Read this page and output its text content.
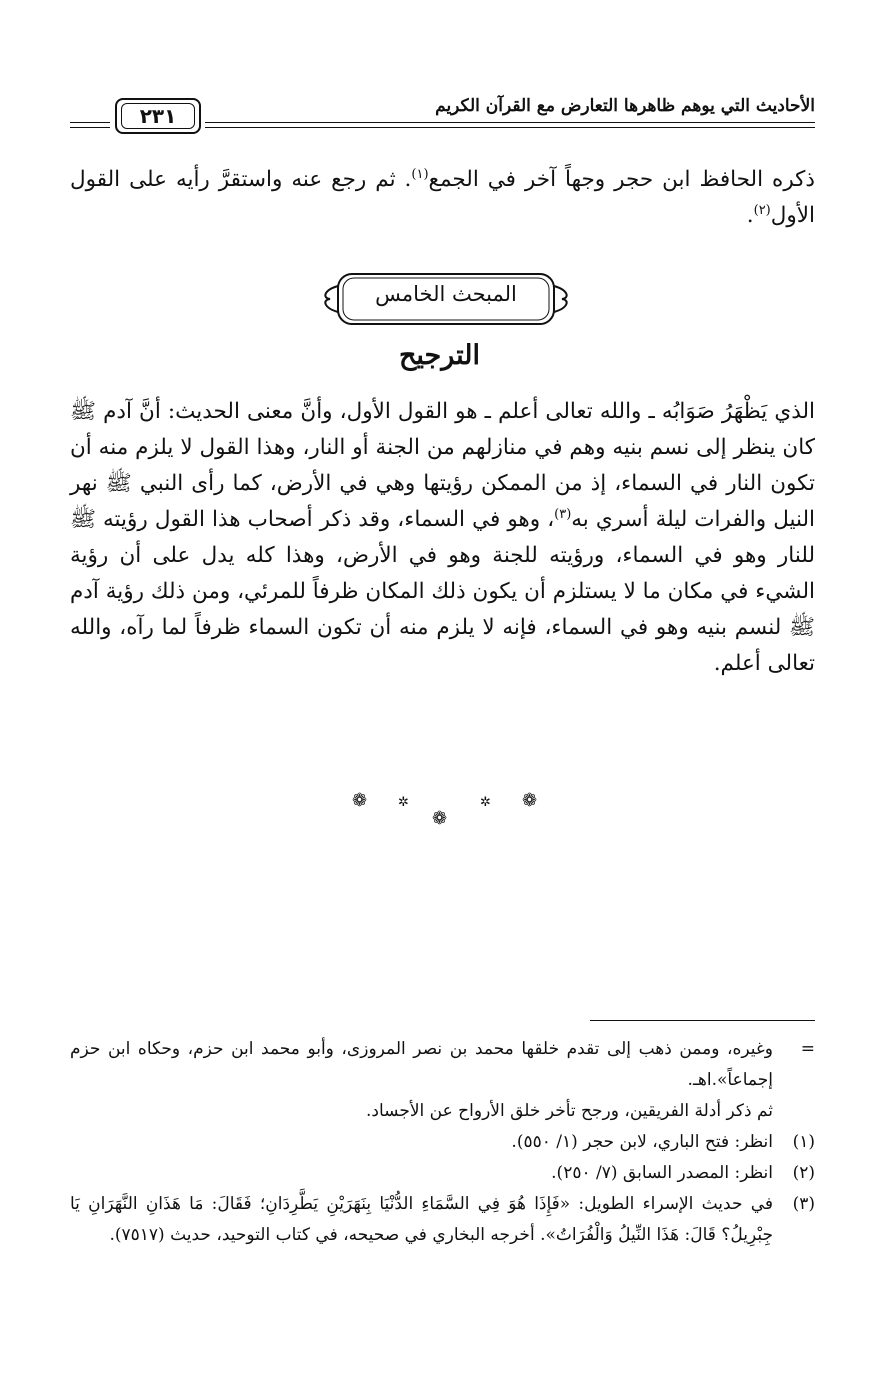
الأحاديث التي يوهم ظاهرها التعارض مع القرآن الكريم
٢٣١

ذكره الحافظ ابن حجر وجهاً آخر في الجمع$^{(١)}$. ثم رجع عنه واستقرَّ رأيه على القول الأول$^{(٢)}$.

المبحث الخامس
الترجيح

الذي يَظْهَرُ صَوَابُه ـ والله تعالى أعلم ـ هو القول الأول، وأنَّ معنى الحديث: أنَّ آدم ﷺ كان ينظر إلى نسم بنيه وهم في منازلهم من الجنة أو النار، وهذا القول لا يلزم منه أن تكون النار في السماء، إذ من الممكن رؤيتها وهي في الأرض، كما رأى النبي ﷺ نهر النيل والفرات ليلة أسري به$^{(٣)}$، وهو في السماء، وقد ذكر أصحاب هذا القول رؤيته ﷺ للنار وهو في السماء، ورؤيته للجنة وهو في الأرض، وهذا كله يدل على أن رؤية الشيء في مكان ما لا يستلزم أن يكون ذلك المكان ظرفاً للمرئي، ومن ذلك رؤية آدم ﷺ لنسم بنيه وهو في السماء، فإنه لا يلزم منه أن تكون السماء ظرفاً لما رآه، والله تعالى أعلم.

❁ ✲
❁
✲ ❁
=
وغيره، وممن ذهب إلى تقدم خلقها محمد بن نصر المروزى، وأبو محمد ابن حزم، وحكاه ابن حزم إجماعاً».اهـ.
ثم ذكر أدلة الفريقين، ورجح تأخر خلق الأرواح عن الأجساد.
(١)
انظر: فتح الباري، لابن حجر (١/ ٥٥٠).
(٢)
انظر: المصدر السابق (٧/ ٢٥٠).
(٣)
في حديث الإسراء الطويل: «فَإِذَا هُوَ فِي السَّمَاءِ الدُّنْيَا بِنَهَرَيْنِ يَطَّرِدَانِ؛ فَقَالَ: مَا هَذَانِ النَّهَرَانِ يَا جِبْرِيلُ؟ قَالَ: هَذَا النِّيلُ وَالْفُرَاتُ». أخرجه البخاري في صحيحه، في كتاب التوحيد، حديث (٧٥١٧).
